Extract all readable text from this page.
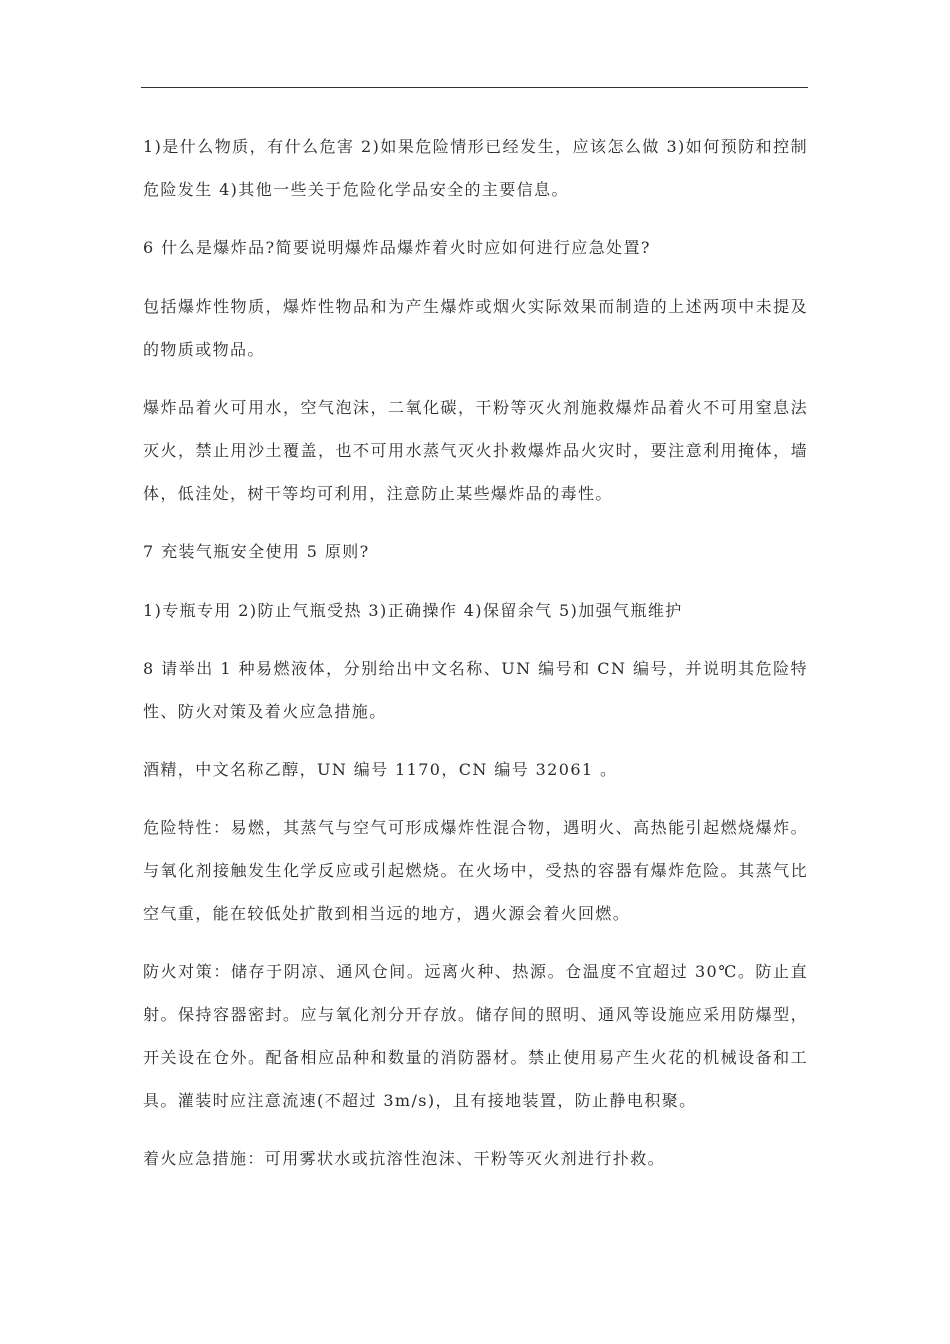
1)是什么物质，有什么危害 2)如果危险情形已经发生，应该怎么做 3)如何预防和控制危险发生 4)其他一些关于危险化学品安全的主要信息。

6 什么是爆炸品?简要说明爆炸品爆炸着火时应如何进行应急处置?

包括爆炸性物质，爆炸性物品和为产生爆炸或烟火实际效果而制造的上述两项中未提及的物质或物品。

爆炸品着火可用水，空气泡沫，二氧化碳，干粉等灭火剂施救爆炸品着火不可用窒息法灭火，禁止用沙土覆盖，也不可用水蒸气灭火扑救爆炸品火灾时，要注意利用掩体，墙体，低洼处，树干等均可利用，注意防止某些爆炸品的毒性。

7 充装气瓶安全使用 5 原则?

1)专瓶专用 2)防止气瓶受热 3)正确操作 4)保留余气 5)加强气瓶维护

8 请举出 1 种易燃液体，分别给出中文名称、UN 编号和 CN 编号，并说明其危险特性、防火对策及着火应急措施。

酒精，中文名称乙醇，UN 编号 1170，CN 编号 32061 。

危险特性：易燃，其蒸气与空气可形成爆炸性混合物，遇明火、高热能引起燃烧爆炸。与氧化剂接触发生化学反应或引起燃烧。在火场中，受热的容器有爆炸危险。其蒸气比空气重，能在较低处扩散到相当远的地方，遇火源会着火回燃。

防火对策：储存于阴凉、通风仓间。远离火种、热源。仓温度不宜超过 30℃。防止直射。保持容器密封。应与氧化剂分开存放。储存间的照明、通风等设施应采用防爆型，开关设在仓外。配备相应品种和数量的消防器材。禁止使用易产生火花的机械设备和工具。灌装时应注意流速(不超过 3m/s)，且有接地装置，防止静电积聚。

着火应急措施：可用雾状水或抗溶性泡沫、干粉等灭火剂进行扑救。
